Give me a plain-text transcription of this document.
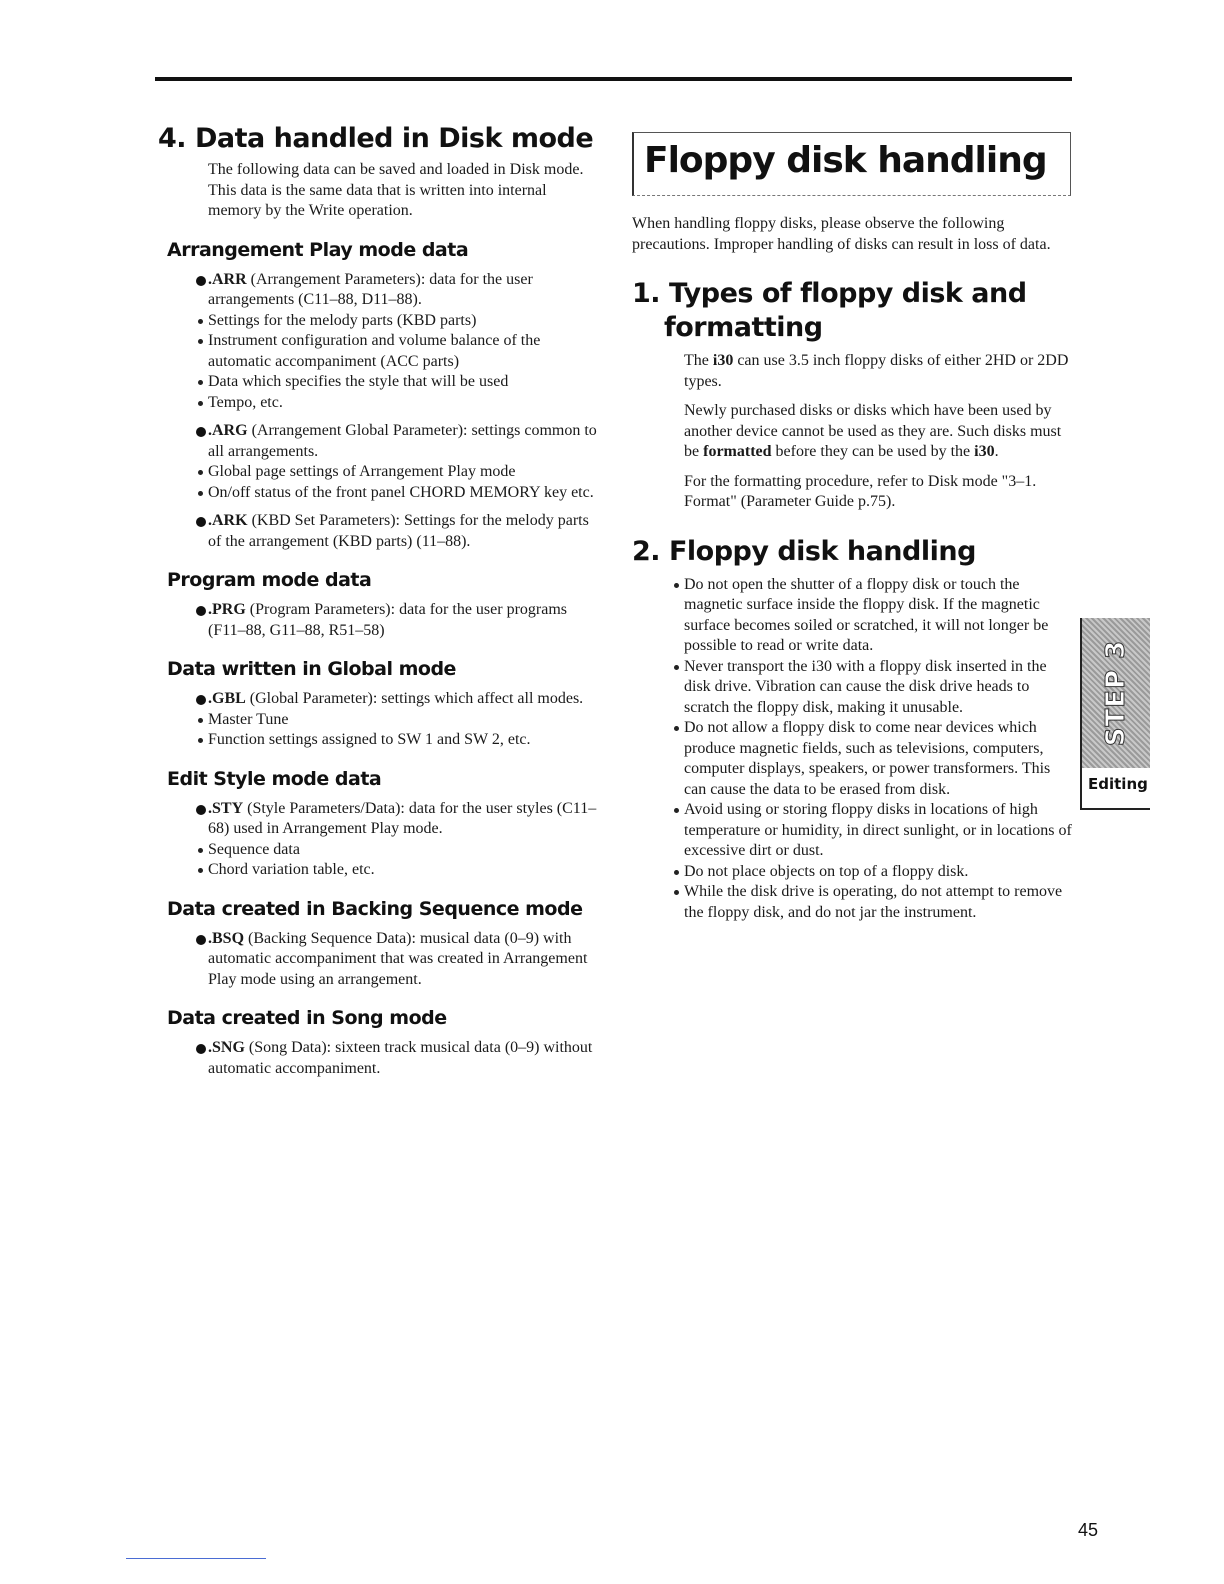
4. Data handled in Disk mode

The following data can be saved and loaded in Disk mode. This data is the same data that is written into internal memory by the Write operation.

Arrangement Play mode data
.ARR (Arrangement Parameters): data for the user arrangements (C11–88, D11–88).
Settings for the melody parts (KBD parts)
Instrument configuration and volume balance of the automatic accompaniment (ACC parts)
Data which specifies the style that will be used
Tempo, etc.
.ARG (Arrangement Global Parameter): settings common to all arrangements.
Global page settings of Arrangement Play mode
On/off status of the front panel CHORD MEMORY key etc.
.ARK (KBD Set Parameters): Settings for the melody parts of the arrangement (KBD parts) (11–88).
Program mode data
.PRG (Program Parameters): data for the user programs (F11–88, G11–88, R51–58)
Data written in Global mode
.GBL (Global Parameter): settings which affect all modes.
Master Tune
Function settings assigned to SW 1 and SW 2, etc.
Edit Style mode data
.STY (Style Parameters/Data): data for the user styles (C11–68) used in Arrangement Play mode.
Sequence data
Chord variation table, etc.
Data created in Backing Sequence mode
.BSQ (Backing Sequence Data): musical data (0–9) with automatic accompaniment that was created in Arrangement Play mode using an arrangement.
Data created in Song mode
.SNG (Song Data): sixteen track musical data (0–9) without automatic accompaniment.
Floppy disk handling

When handling floppy disks, please observe the following precautions. Improper handling of disks can result in loss of data.

1. Types of floppy disk and formatting

The i30 can use 3.5 inch floppy disks of either 2HD or 2DD types.

Newly purchased disks or disks which have been used by another device cannot be used as they are. Such disks must be formatted before they can be used by the i30.

For the formatting procedure, refer to Disk mode "3–1. Format" (Parameter Guide p.75).

2. Floppy disk handling
Do not open the shutter of a floppy disk or touch the magnetic surface inside the floppy disk. If the magnetic surface becomes soiled or scratched, it will not longer be possible to read or write data.
Never transport the i30 with a floppy disk inserted in the disk drive. Vibration can cause the disk drive heads to scratch the floppy disk, making it unusable.
Do not allow a floppy disk to come near devices which produce magnetic fields, such as televisions, computers, computer displays, speakers, or power transformers. This can cause the data to be erased from disk.
Avoid using or storing floppy disks in locations of high temperature or humidity, in direct sunlight, or in locations of excessive dirt or dust.
Do not place objects on top of a floppy disk.
While the disk drive is operating, do not attempt to remove the floppy disk, and do not jar the instrument.
STEP 3
Editing
45
